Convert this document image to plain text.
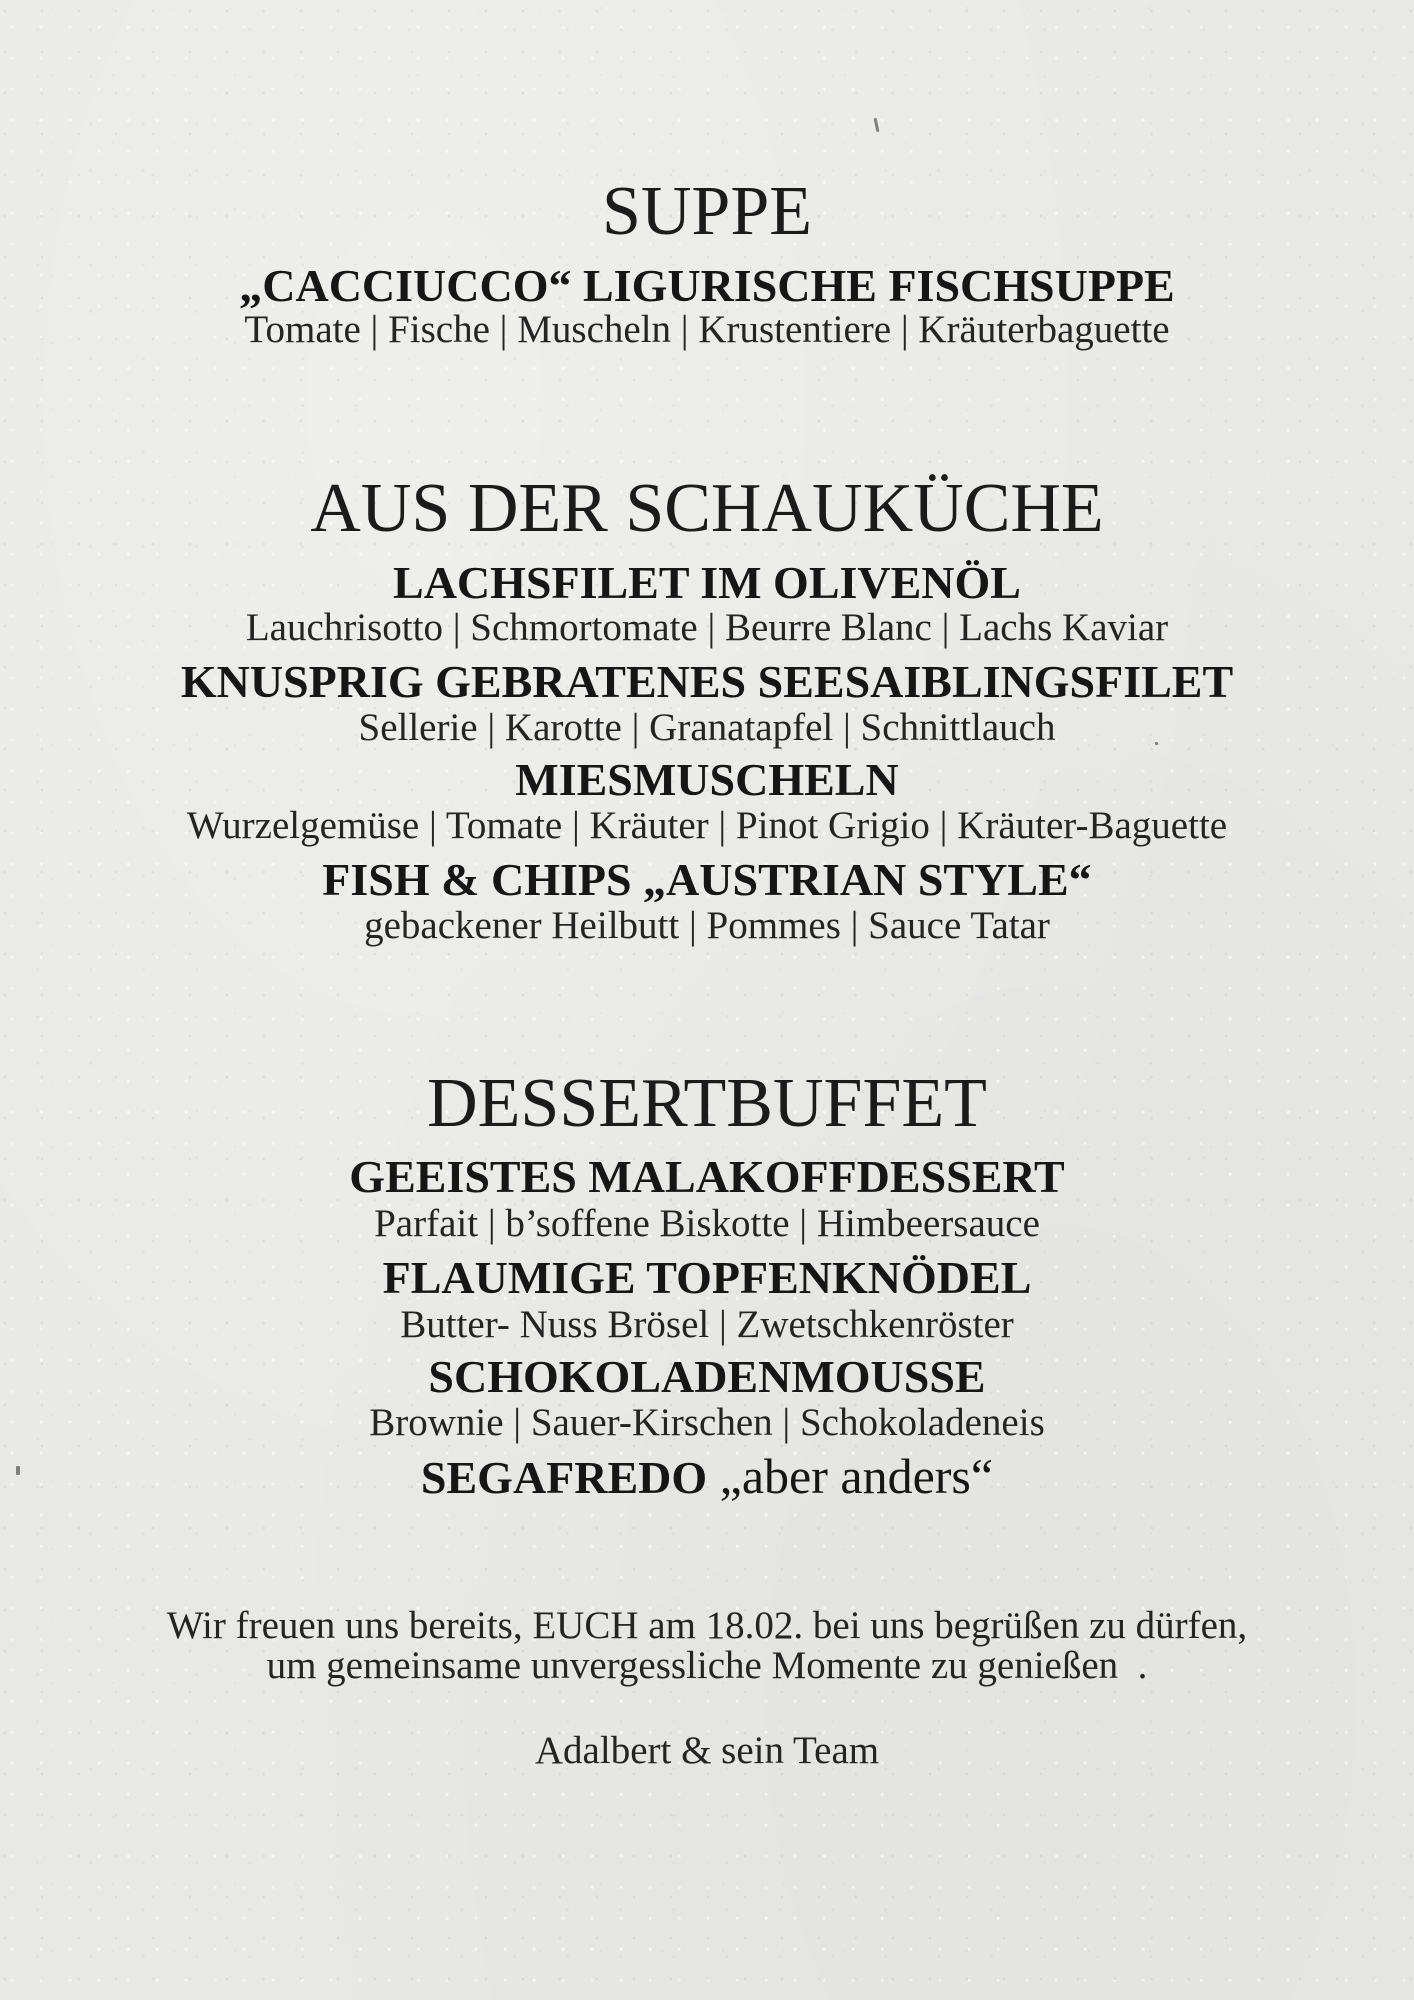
SUPPE
„CACCIUCCO“ LIGURISCHE FISCHSUPPE
Tomate | Fische | Muscheln | Krustentiere | Kräuterbaguette
AUS DER SCHAUKÜCHE
LACHSFILET IM OLIVENÖL
Lauchrisotto | Schmortomate | Beurre Blanc | Lachs Kaviar
KNUSPRIG GEBRATENES SEESAIBLINGSFILET
Sellerie | Karotte | Granatapfel | Schnittlauch
MIESMUSCHELN
Wurzelgemüse | Tomate | Kräuter | Pinot Grigio | Kräuter-Baguette
FISH & CHIPS „AUSTRIAN STYLE“
gebackener Heilbutt | Pommes | Sauce Tatar
DESSERTBUFFET
GEEISTES MALAKOFFDESSERT
Parfait | b’soffene Biskotte | Himbeersauce
FLAUMIGE TOPFENKNÖDEL
Butter- Nuss Brösel | Zwetschkenröster
SCHOKOLADENMOUSSE
Brownie | Sauer-Kirschen | Schokoladeneis
SEGAFREDO „aber anders“
Wir freuen uns bereits, EUCH am 18.02. bei uns begrüßen zu dürfen,
um gemeinsame unvergessliche Momente zu genießen  .
Adalbert & sein Team
